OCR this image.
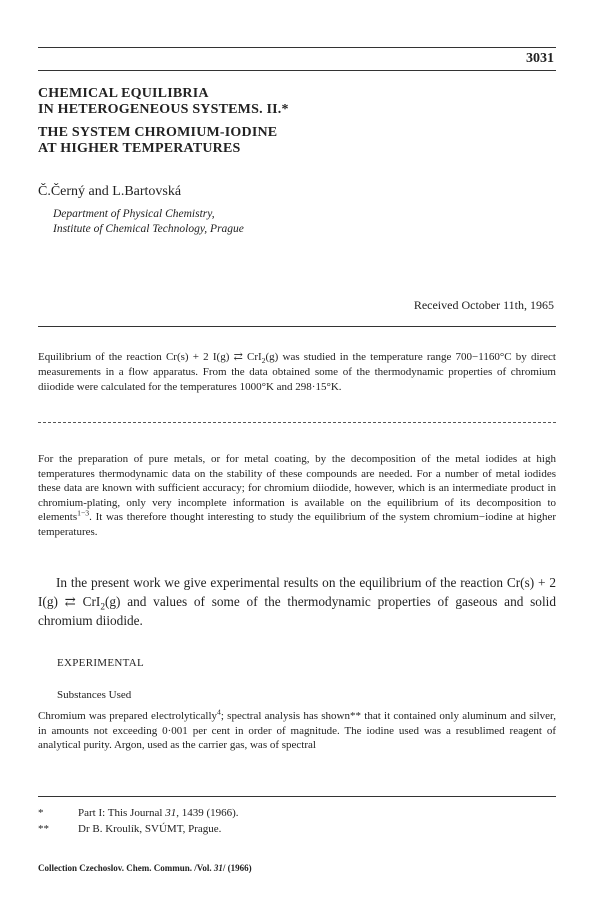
3031
CHEMICAL EQUILIBRIA
IN HETEROGENEOUS SYSTEMS. II.*
THE SYSTEM CHROMIUM-IODINE
AT HIGHER TEMPERATURES
Č.Černý and L.Bartovská
Department of Physical Chemistry,
Institute of Chemical Technology, Prague
Received October 11th, 1965
Equilibrium of the reaction Cr(s) + 2 I(g) ⇄ CrI$_2$(g) was studied in the temperature range 700−1160°C by direct measurements in a flow apparatus. From the data obtained some of the thermodynamic properties of chromium diiodide were calculated for the temperatures 1000°K and 298·15°K.
For the preparation of pure metals, or for metal coating, by the decomposition of the metal iodides at high temperatures thermodynamic data on the stability of these compounds are needed. For a number of metal iodides these data are known with sufficient accuracy; for chromium diiodide, however, which is an intermediate product in chromium-plating, only very incomplete information is available on the equilibrium of its decomposition to elements$^{1-3}$. It was therefore thought interesting to study the equilibrium of the system chromium−iodine at higher temperatures.
In the present work we give experimental results on the equilibrium of the reaction Cr(s) + 2 I(g) ⇄ CrI$_2$(g) and values of some of the thermodynamic properties of gaseous and solid chromium diiodide.
EXPERIMENTAL
Substances Used
Chromium was prepared electrolytically$^4$; spectral analysis has shown** that it contained only aluminum and silver, in amounts not exceeding 0·001 per cent in order of magnitude. The iodine used was a resublimed reagent of analytical purity. Argon, used as the carrier gas, was of spectral
*	Part I: This Journal 31, 1439 (1966).
**	Dr B. Kroulík, SVÚMT, Prague.
Collection Czechoslov. Chem. Commun. /Vol. 31/ (1966)
